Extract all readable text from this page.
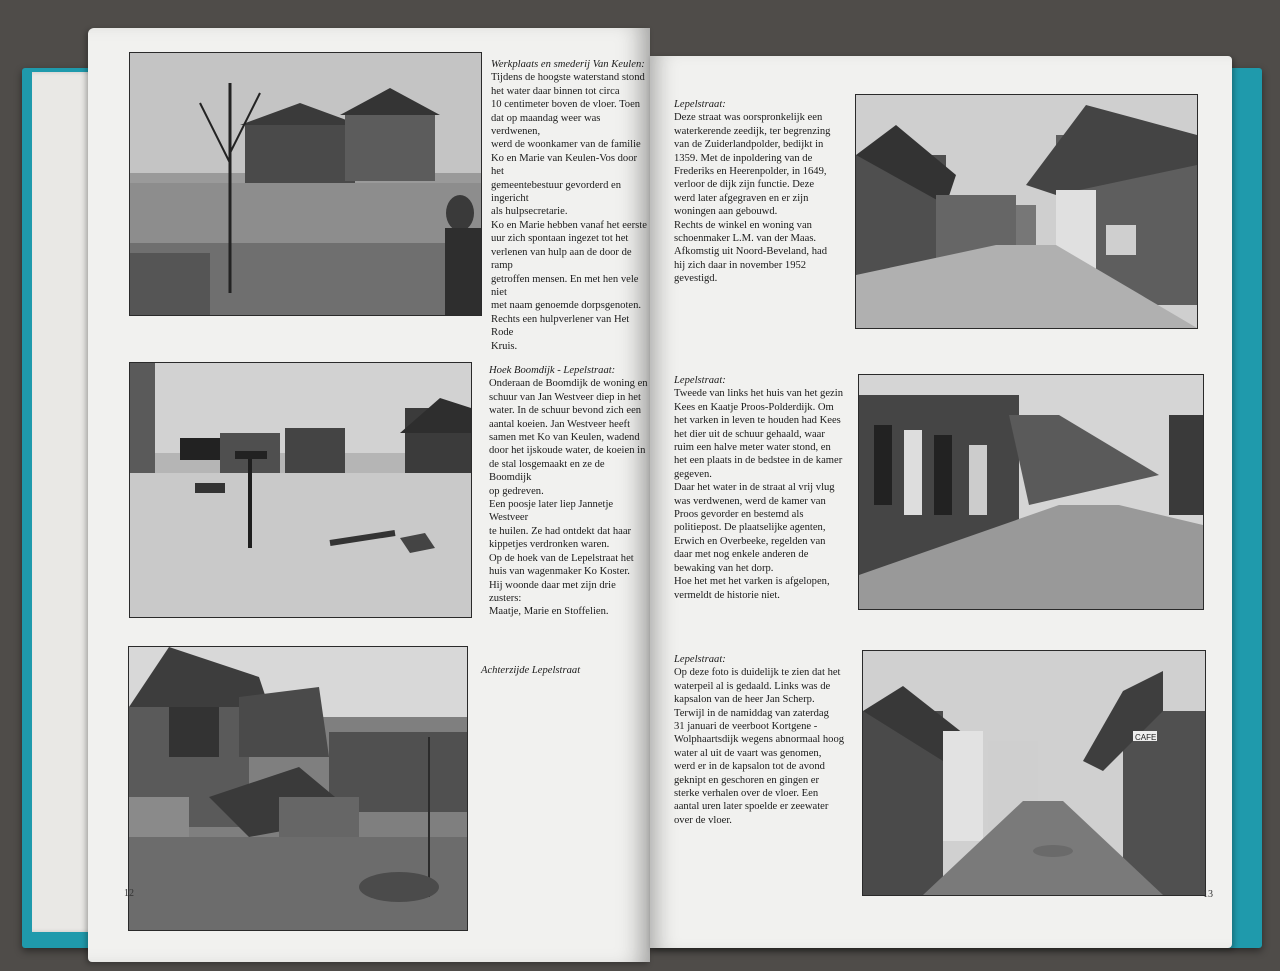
Werkplaats en smederij Van Keulen:
Tijdens de hoogste waterstand stond
het water daar binnen tot circa
10 centimeter boven de vloer. Toen
dat op maandag weer was verdwenen,
werd de woonkamer van de familie
Ko en Marie van Keulen-Vos door het
gemeentebestuur gevorderd en ingericht
als hulpsecretarie.
Ko en Marie hebben vanaf het eerste
uur zich spontaan ingezet tot het
verlenen van hulp aan de door de ramp
getroffen mensen. En met hen vele niet
met naam genoemde dorpsgenoten.
Rechts een hulpverlener van Het Rode
Kruis.
Hoek Boomdijk - Lepelstraat:
Onderaan de Boomdijk de woning en
schuur van Jan Westveer diep in het
water. In de schuur bevond zich een
aantal koeien. Jan Westveer heeft
samen met Ko van Keulen, wadend
door het ijskoude water, de koeien in
de stal losgemaakt en ze de Boomdijk
op gedreven.
Een poosje later liep Jannetje Westveer
te huilen. Ze had ontdekt dat haar
kippetjes verdronken waren.
Op de hoek van de Lepelstraat het
huis van wagenmaker Ko Koster.
Hij woonde daar met zijn drie zusters:
Maatje, Marie en Stoffelien.
Achterzijde Lepelstraat
12
Lepelstraat:
Deze straat was oorspronkelijk een
waterkerende zeedijk, ter begrenzing
van de Zuiderlandpolder, bedijkt in
1359. Met de inpoldering van de
Frederiks en Heerenpolder, in 1649,
verloor de dijk zijn functie. Deze
werd later afgegraven en er zijn
woningen aan gebouwd.
Rechts de winkel en woning van
schoenmaker L.M. van der Maas.
Afkomstig uit Noord-Beveland, had
hij zich daar in november 1952
gevestigd.
Lepelstraat:
Tweede van links het huis van het gezin
Kees en Kaatje Proos-Polderdijk. Om
het varken in leven te houden had Kees
het dier uit de schuur gehaald, waar
ruim een halve meter water stond, en
het een plaats in de bedstee in de kamer
gegeven.
Daar het water in de straat al vrij vlug
was verdwenen, werd de kamer van
Proos gevorder en bestemd als
politiepost. De plaatselijke agenten,
Erwich en Overbeeke, regelden van
daar met nog enkele anderen de
bewaking van het dorp.
Hoe het met het varken is afgelopen,
vermeldt de historie niet.
Lepelstraat:
Op deze foto is duidelijk te zien dat het
waterpeil al is gedaald. Links was de
kapsalon van de heer Jan Scherp.
Terwijl in de namiddag van zaterdag
31 januari de veerboot Kortgene -
Wolphaartsdijk wegens abnormaal hoog
water al uit de vaart was genomen,
werd er in de kapsalon tot de avond
geknipt en geschoren en gingen er
sterke verhalen over de vloer. Een
aantal uren later spoelde er zeewater
over de vloer.
CAFE
13
